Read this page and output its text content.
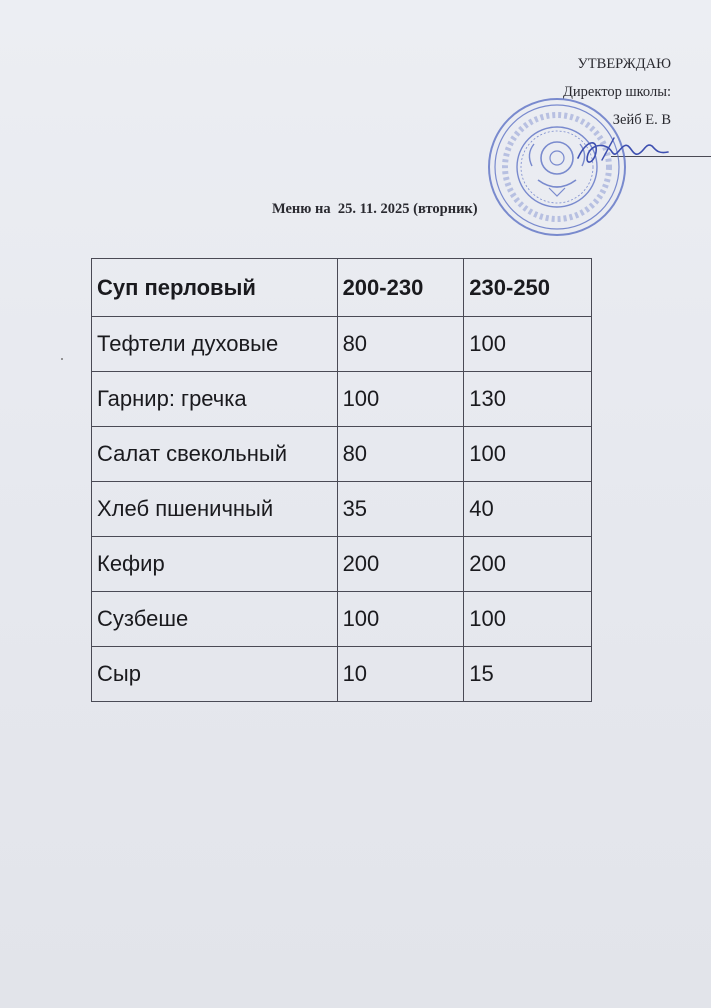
УТВЕРЖДАЮ
Директор школы:
Зейб Е. В
Меню на  25. 11. 2025 (вторник)
Суп перловый	200-230	230-250
Тефтели духовые	80	100
Гарнир: гречка	100	130
Салат свекольный	80	100
Хлеб пшеничный	35	40
Кефир	200	200
Сузбеше	100	100
Сыр	10	15
